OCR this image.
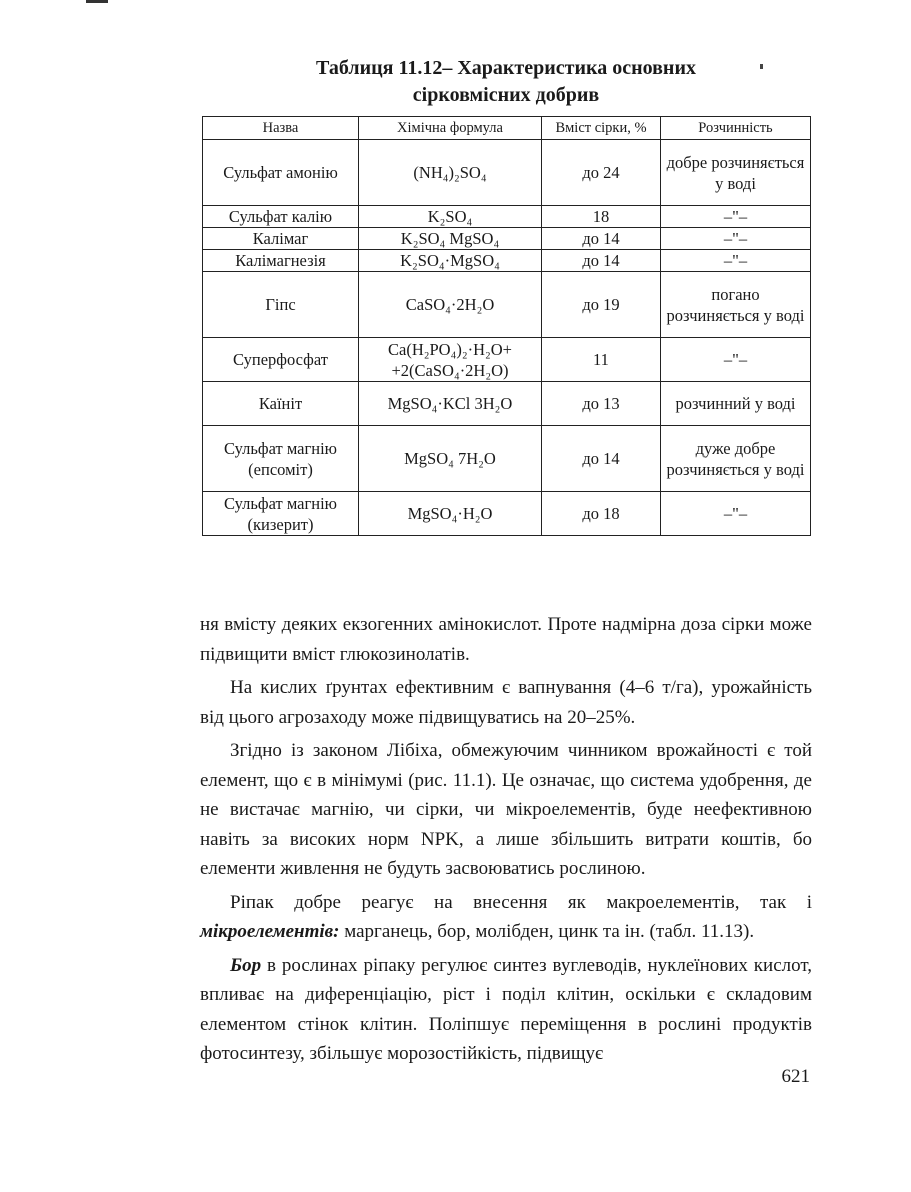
Таблиця 11.12– Характеристика основних
сірковмісних добрив
Назва	Хімічна формула	Вміст сірки, %	Розчинність
Сульфат амонію	(NH₄)₂SO₄	до 24	добре розчиняється у воді
Сульфат калію	K₂SO₄	18	–"–
Калімаг	K₂SO₄ MgSO₄	до 14	–"–
Калімагнезія	K₂SO₄·MgSO₄	до 14	–"–
Гіпс	CaSO₄·2H₂O	до 19	погано розчиняється у воді
Суперфосфат	Ca(H₂PO₄)₂·H₂O+ +2(CaSO₄·2H₂O)	11	–"–
Каїніт	MgSO₄·KCl 3H₂O	до 13	розчинний у воді
Сульфат магнію (епсоміт)	MgSO₄ 7H₂O	до 14	дуже добре розчиняється у воді
Сульфат магнію (кизерит)	MgSO₄·H₂O	до 18	–"–

ня вмісту деяких екзогенних амінокислот. Проте надмірна доза сірки може підвищити вміст глюкозинолатів.

На кислих ґрунтах ефективним є вапнування (4–6 т/га), урожайність від цього агрозаходу може підвищуватись на 20–25%.

Згідно із законом Лібіха, обмежуючим чинником врожайності є той елемент, що є в мінімумі (рис. 11.1). Це означає, що система удобрення, де не вистачає магнію, чи сірки, чи мікроелементів, буде неефективною навіть за високих норм NPK, а лише збільшить витрати коштів, бо елементи живлення не будуть засвоюватись рослиною.

Ріпак добре реагує на внесення як макроелементів, так і мікроелементів: марганець, бор, молібден, цинк та ін. (табл. 11.13).

Бор в рослинах ріпаку регулює синтез вуглеводів, нуклеїнових кислот, впливає на диференціацію, ріст і поділ клітин, оскільки є складовим елементом стінок клітин. Поліпшує переміщення в рослині продуктів фотосинтезу, збільшує морозостійкість, підвищує

621
